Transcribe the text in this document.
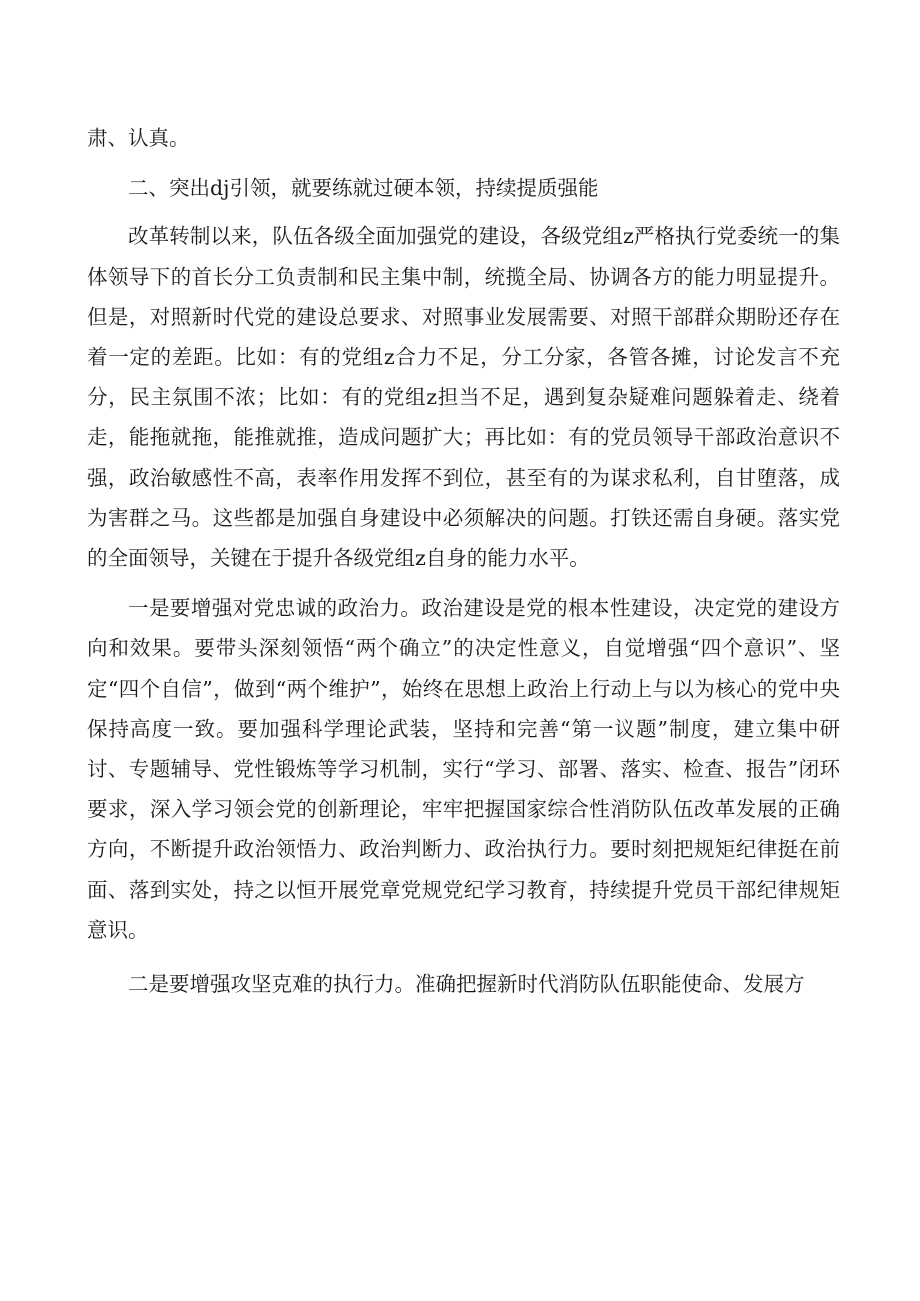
肃、认真。

二、突出dj引领，就要练就过硬本领，持续提质强能

改革转制以来，队伍各级全面加强党的建设，各级党组z严格执行党委统一的集体领导下的首长分工负责制和民主集中制，统揽全局、协调各方的能力明显提升。但是，对照新时代党的建设总要求、对照事业发展需要、对照干部群众期盼还存在着一定的差距。比如：有的党组z合力不足，分工分家，各管各摊，讨论发言不充分，民主氛围不浓；比如：有的党组z担当不足，遇到复杂疑难问题躲着走、绕着走，能拖就拖，能推就推，造成问题扩大；再比如：有的党员领导干部政治意识不强，政治敏感性不高，表率作用发挥不到位，甚至有的为谋求私利，自甘堕落，成为害群之马。这些都是加强自身建设中必须解决的问题。打铁还需自身硬。落实党的全面领导，关键在于提升各级党组z自身的能力水平。

一是要增强对党忠诚的政治力。政治建设是党的根本性建设，决定党的建设方向和效果。要带头深刻领悟“两个确立”的决定性意义，自觉增强“四个意识”、坚定“四个自信”，做到“两个维护”，始终在思想上政治上行动上与以为核心的党中央保持高度一致。要加强科学理论武装，坚持和完善“第一议题”制度，建立集中研讨、专题辅导、党性锻炼等学习机制，实行“学习、部署、落实、检查、报告”闭环要求，深入学习领会党的创新理论，牢牢把握国家综合性消防队伍改革发展的正确方向，不断提升政治领悟力、政治判断力、政治执行力。要时刻把规矩纪律挺在前面、落到实处，持之以恒开展党章党规党纪学习教育，持续提升党员干部纪律规矩意识。

二是要增强攻坚克难的执行力。准确把握新时代消防队伍职能使命、发展方
